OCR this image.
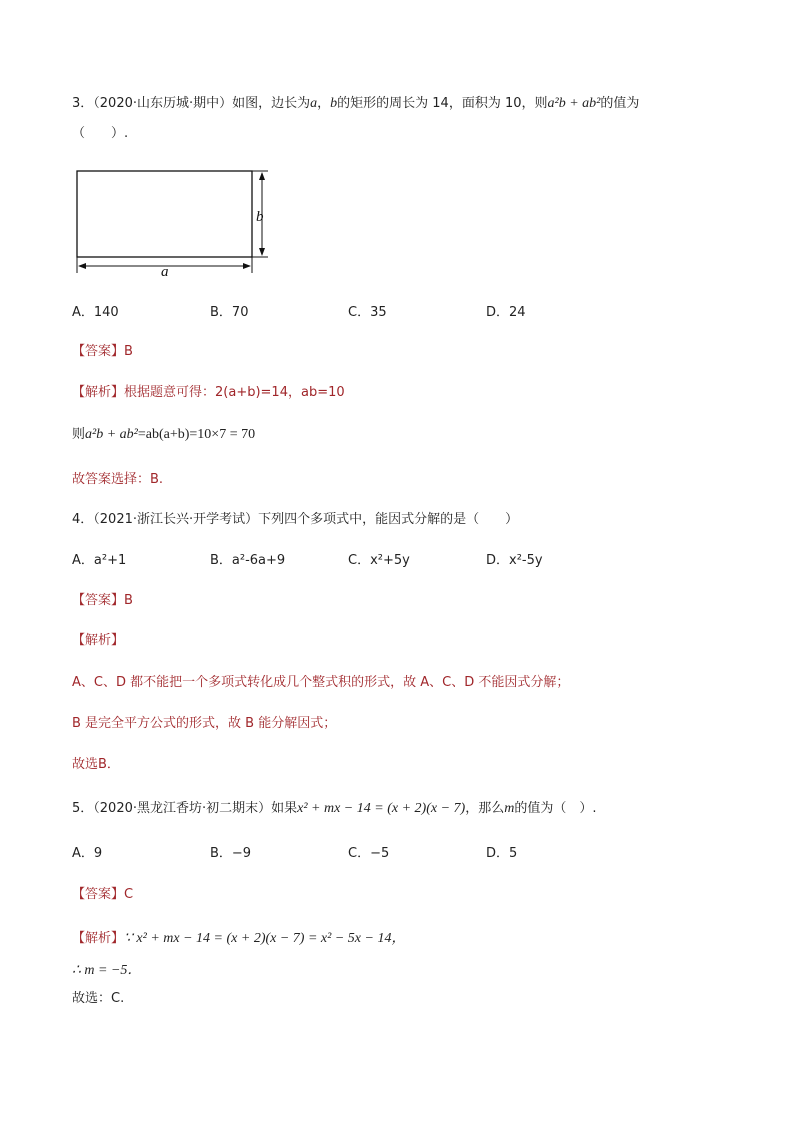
3．（2020·山东历城·期中）如图，边长为a，b的矩形的周长为 14，面积为 10，则a²b + ab²的值为
（　　）.
b
a
A．140	B．70	C．35	D．24
【答案】B
【解析】根据题意可得：2(a+b)=14，ab=10
则a²b + ab²=ab(a+b)=10×7 = 70
故答案选择：B.
4．（2021·浙江长兴·开学考试）下列四个多项式中，能因式分解的是（　　）
A．a²+1	B．a²-6a+9	C．x²+5y	D．x²-5y
【答案】B
【解析】
A、C、D 都不能把一个多项式转化成几个整式积的形式，故 A、C、D 不能因式分解；
B 是完全平方公式的形式，故 B 能分解因式；
故选B．
5．（2020·黑龙江香坊·初二期末）如果x² + mx − 14 = (x + 2)(x − 7)，那么m的值为（　）.
A．9	B．−9	C．−5	D．5
【答案】C
【解析】∵ x² + mx − 14 = (x + 2)(x − 7) = x² − 5x − 14，
∴ m = −5．
故选：C.
